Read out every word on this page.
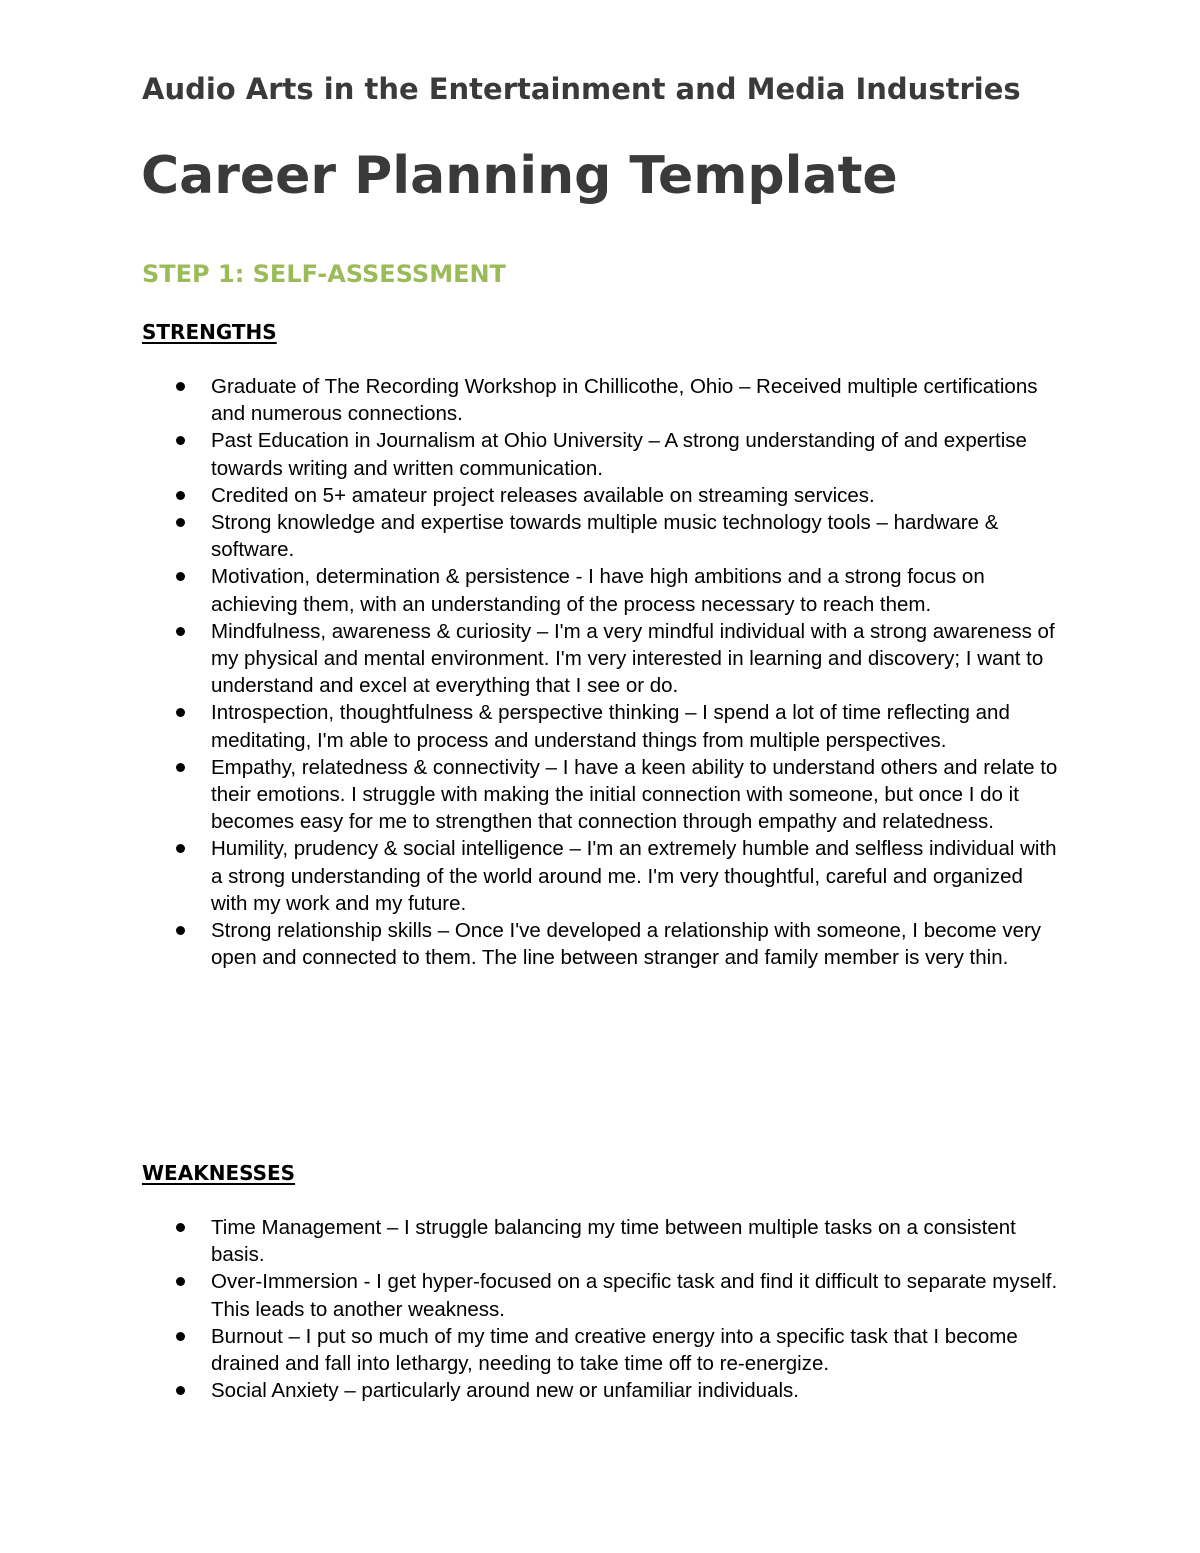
Audio Arts in the Entertainment and Media Industries
Career Planning Template
STEP 1: SELF-ASSESSMENT
STRENGTHS
Graduate of The Recording Workshop in Chillicothe, Ohio – Received multiple certifications and numerous connections.
Past Education in Journalism at Ohio University – A strong understanding of and expertise towards writing and written communication.
Credited on 5+ amateur project releases available on streaming services.
Strong knowledge and expertise towards multiple music technology tools – hardware & software.
Motivation, determination & persistence - I have high ambitions and a strong focus on achieving them, with an understanding of the process necessary to reach them.
Mindfulness, awareness & curiosity – I'm a very mindful individual with a strong awareness of my physical and mental environment. I'm very interested in learning and discovery; I want to understand and excel at everything that I see or do.
Introspection, thoughtfulness & perspective thinking – I spend a lot of time reflecting and meditating, I'm able to process and understand things from multiple perspectives.
Empathy, relatedness & connectivity – I have a keen ability to understand others and relate to their emotions. I struggle with making the initial connection with someone, but once I do it becomes easy for me to strengthen that connection through empathy and relatedness.
Humility, prudency & social intelligence – I'm an extremely humble and selfless individual with a strong understanding of the world around me. I'm very thoughtful, careful and organized with my work and my future.
Strong relationship skills – Once I've developed a relationship with someone, I become very open and connected to them. The line between stranger and family member is very thin.
WEAKNESSES
Time Management – I struggle balancing my time between multiple tasks on a consistent basis.
Over-Immersion - I get hyper-focused on a specific task and find it difficult to separate myself. This leads to another weakness.
Burnout – I put so much of my time and creative energy into a specific task that I become drained and fall into lethargy, needing to take time off to re-energize.
Social Anxiety – particularly around new or unfamiliar individuals.
